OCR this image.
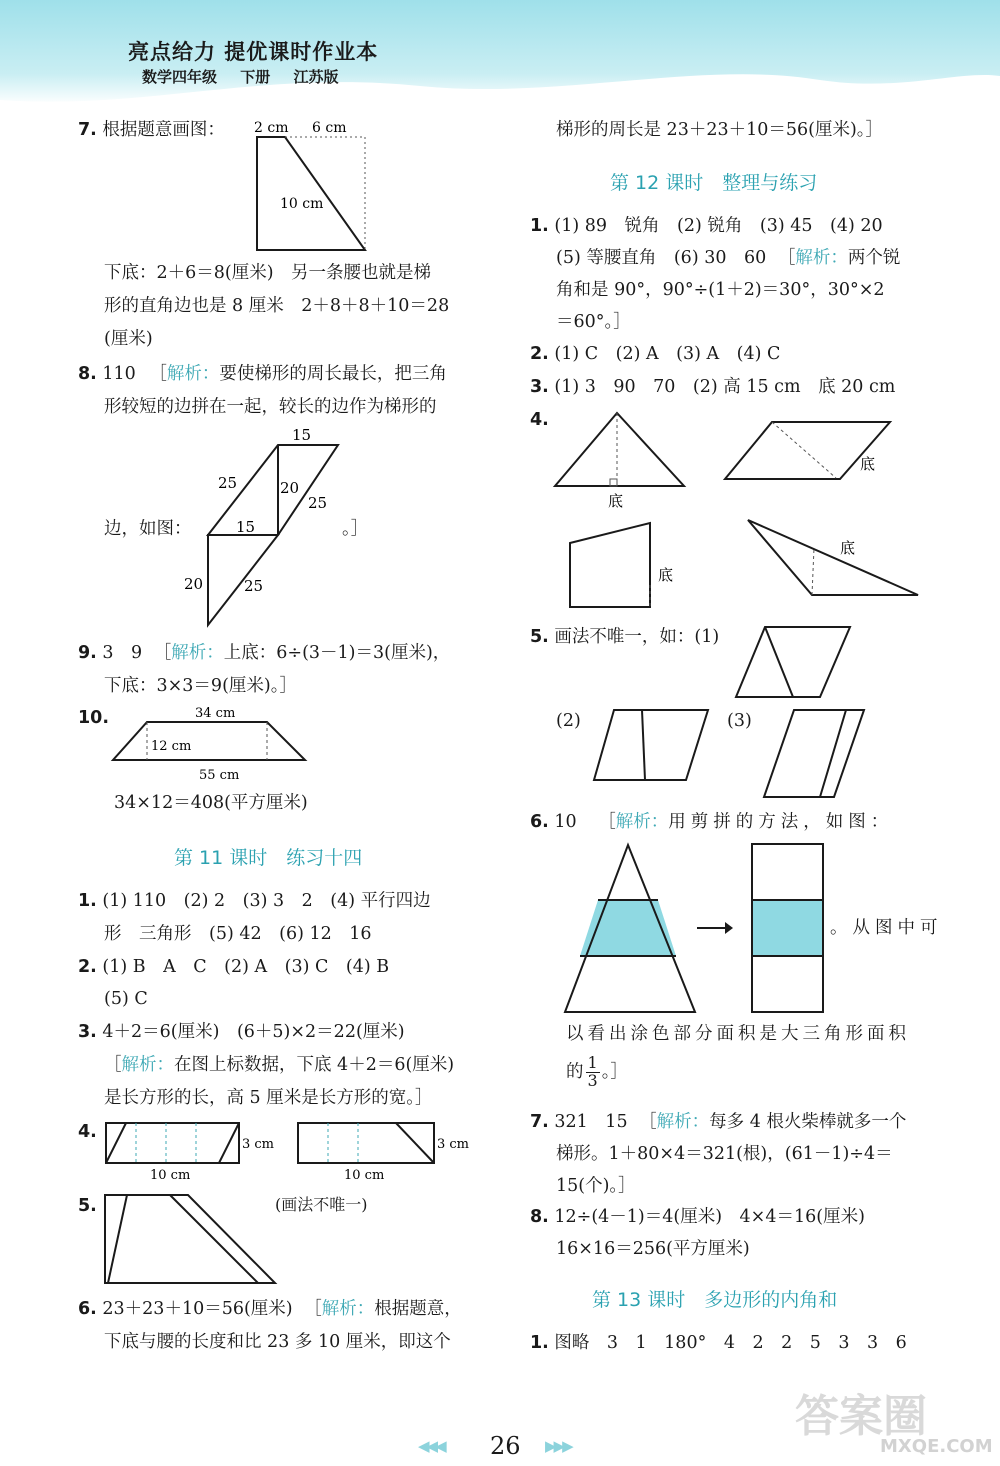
亮点给力 提优课时作业本
数学四年级 下册 江苏版
7. 根据题意画图： 2 cm 6 cm
10 cm
下底：2＋6＝8(厘米)　另一条腰也就是梯
形的直角边也是 8 厘米　2＋8＋8＋10＝28
(厘米)
8. 110 ［解析：要使梯形的周长最长，把三角
形较短的边拼在一起，较长的边作为梯形的
15
25	20
25
15
20	25
边，如图：	。］
9. 3　9 ［解析：上底：6÷(3－1)＝3(厘米)，
下底：3×3＝9(厘米)。］
10.	34 cm
12 cm
55 cm
34×12＝408(平方厘米)
第 11 课时　练习十四
1. (1) 110　(2) 2　(3) 3　2　(4) 平行四边
形　三角形　(5) 42　(6) 12　16
2. (1) B　A　C　(2) A　(3) C　(4) B
(5) C
3. 4＋2＝6(厘米)　(6＋5)×2＝22(厘米)
［解析：在图上标数据，下底 4＋2＝6(厘米)
是长方形的长，高 5 厘米是长方形的宽。］
4.
3 cm
10 cm
3 cm
10 cm
5.	(画法不唯一)
6. 23＋23＋10＝56(厘米) ［解析：根据题意，
下底与腰的长度和比 23 多 10 厘米，即这个
梯形的周长是 23＋23＋10＝56(厘米)。］
第 12 课时　整理与练习
1. (1) 89　锐角　(2) 锐角　(3) 45　(4) 20
(5) 等腰直角　(6) 30　60 ［解析：两个锐
角和是 90°，90°÷(1＋2)＝30°，30°×2
＝60°。］
2. (1) C　(2) A　(3) A　(4) C
3. (1) 3　90　70　(2) 高 15 cm　底 20 cm
4.
底
底
底
底
5. 画法不唯一，如：(1)
(2)	(3)
6. 10 ［解析：用剪拼的方法，如图：
。从图中可
以看出涂色部分面积是大三角形面积
的 $\frac{1}{3}$ 。］
7. 321　15 ［解析：每多 4 根火柴棒就多一个
梯形。1＋80×4＝321(根)，(61－1)÷4＝
15(个)。］
8. 12÷(4－1)＝4(厘米)　4×4＝16(厘米)
16×16＝256(平方厘米)
第 13 课时　多边形的内角和
1. 图略　3　1　180°　4　2　2　5　3　3　6
◀◀◀ 26 ▶▶▶
答案圈
MXQE.COM
